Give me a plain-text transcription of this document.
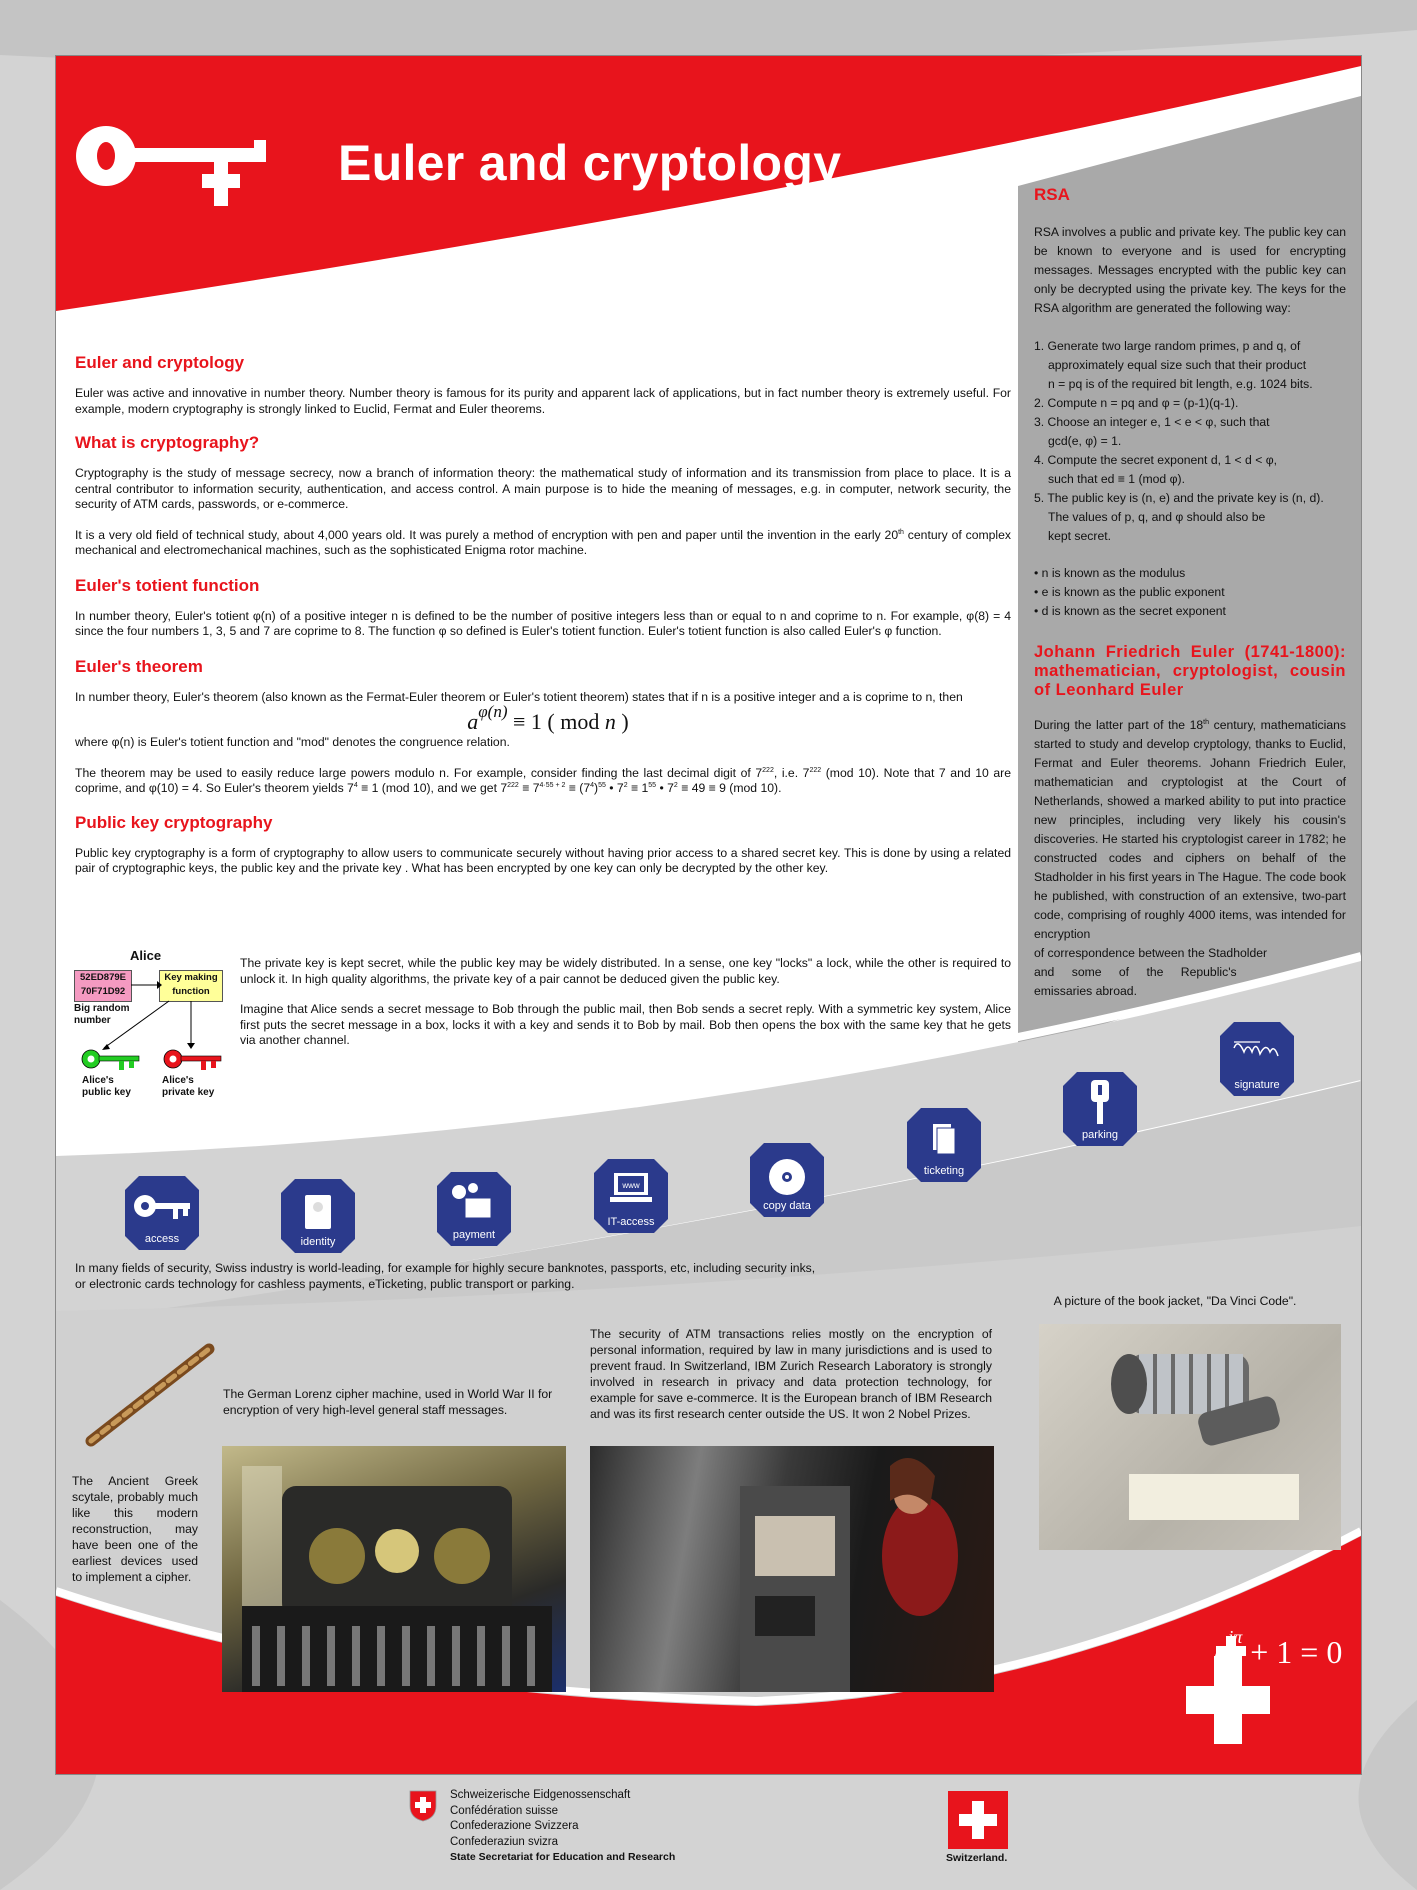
Euler and cryptology
Euler and cryptology

Euler was active and innovative in number theory. Number theory is famous for its purity and apparent lack of applications, but in fact number theory is extremely useful. For example, modern cryptography is strongly linked to Euclid, Fermat and Euler theorems.

What is cryptography?

Cryptography is the study of message secrecy, now a branch of information theory: the mathematical study of information and its transmission from place to place. It is a central contributor to information security, authentication, and access control. A main purpose is to hide the meaning of messages, e.g. in computer, network security, the security of ATM cards, passwords, or e-commerce.

It is a very old field of technical study, about 4,000 years old. It was purely a method of encryption with pen and paper until the invention in the early 20th century of complex mechanical and electromechanical machines, such as the sophisticated Enigma rotor machine.

Euler's totient function

In number theory, Euler's totient φ(n) of a positive integer n is defined to be the number of positive integers less than or equal to n and coprime to n. For example, φ(8) = 4 since the four numbers 1, 3, 5 and 7 are coprime to 8. The function φ so defined is Euler's totient function. Euler's totient function is also called Euler's φ function.

Euler's theorem

In number theory, Euler's theorem (also known as the Fermat-Euler theorem or Euler's totient theorem) states that if n is a positive integer and a is coprime to n, then

$a^{\varphi(n)} \equiv 1$ ( mod n )

where φ(n) is Euler's totient function and "mod" denotes the congruence relation.

The theorem may be used to easily reduce large powers modulo n. For example, consider finding the last decimal digit of $7^{222}$, i.e. $7^{222}$ (mod 10). Note that 7 and 10 are coprime, and φ(10) = 4. So Euler's theorem yields $7^4 \equiv 1$ (mod 10), and we get $7^{222} \equiv 7^{4\cdot 55 + 2} \equiv (7^4)^{55}$ • $7^2 \equiv 1^{55}$ • $7^2 \equiv 49 \equiv 9$ (mod 10).

Public key cryptography

Public key cryptography is a form of cryptography to allow users to communicate securely without having prior access to a shared secret key. This is done by using a related pair of cryptographic keys, the public key and the private key . What has been encrypted by one key can only be decrypted by the other key.

Alice
52ED879E
70F71D92
Key making
function
Big random
number
Alice's
public key
Alice's
private key

The private key is kept secret, while the public key may be widely distributed. In a sense, one key "locks" a lock, while the other is required to unlock it. In high quality algorithms, the private key of a pair cannot be deduced given the public key.

Imagine that Alice sends a secret message to Bob through the public mail, then Bob sends a secret reply. With a symmetric key system, Alice first puts the secret message in a box, locks it with a key and sends it to Bob by mail. Bob then opens the box with the same key that he gets via another channel.

RSA

RSA involves a public and private key. The public key can be known to everyone and is used for encrypting messages. Messages encrypted with the public key can only be decrypted using the private key. The keys for the RSA algorithm are generated the following way:

1. Generate two large random primes, p and q, of
approximately equal size such that their product
n = pq is of the required bit length, e.g. 1024 bits.
2. Compute n = pq and φ = (p-1)(q-1).
3. Choose an integer e, 1 < e < φ, such that
gcd(e, φ) = 1.
4. Compute the secret exponent d, 1 < d < φ,
such that ed ≡ 1 (mod φ).
5. The public key is (n, e) and the private key is (n, d).
The values of p, q, and φ should also be
kept secret.
• n is known as the modulus
• e is known as the public exponent
• d is known as the secret exponent
Johann Friedrich Euler (1741-1800): mathematician, cryptologist, cousin of Leonhard Euler

During the latter part of the 18th century, mathematicians started to study and develop cryptology, thanks to Euclid, Fermat and Euler theorems. Johann Friedrich Euler, mathematician and cryptologist at the Court of Netherlands, showed a marked ability to put into practice new principles, including very likely his cousin's discoveries. He started his cryptologist career in 1782; he constructed codes and ciphers on behalf of the Stadholder in his first years in The Hague. The code book he published, with construction of an extensive, two-part code, comprising of roughly 4000 items, was intended for encryption

of correspondence between the Stadholder
and some of the Republic's
emissaries abroad.
access	identity
payment
www
IT-access
copy data
ticketing
parking
signature

In many fields of security, Swiss industry is world-leading, for example for highly secure banknotes, passports, etc, including security inks, or electronic cards technology for cashless payments, eTicketing, public transport or parking.

The Ancient Greek scytale, probably much like this modern reconstruction, may have been one of the earliest devices used to implement a cipher.
The German Lorenz cipher machine, used in World War II for encryption of very high-level general staff messages.
The security of ATM transactions relies mostly on the encryption of personal information, required by law in many jurisdictions and is used to prevent fraud. In Switzerland, IBM Zurich Research Laboratory is strongly involved in research in privacy and data protection technology, for example for save e-commerce. It is the European branch of IBM Research and was its first research center outside the US. It won 2 Nobel Prizes.
A picture of the book jacket, "Da Vinci Code".
$e^{i\pi} + 1 = 0$
Schweizerische Eidgenossenschaft
Confédération suisse
Confederazione Svizzera
Confederaziun svizra
State Secretariat for Education and Research	Switzerland.
